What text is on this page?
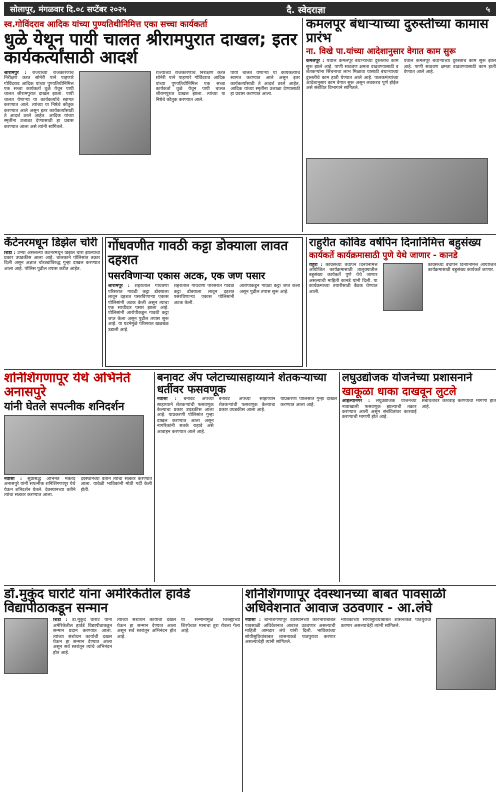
सोलापूर, मंगळवार दि.०८ सप्टेंबर २०२५	दै. स्वेदराज्ञा	५
स्व.गोविंदराव आदिक यांच्या पुण्यतिथीनिमित्त एका सच्चा कार्यकर्ता
धुळे येथून पायी चालत श्रीरामपुरात दाखल; इतर कार्यकर्त्यांसाठी आदर्श

श्रीरामपुर : राज्याच्या राजकारणाचे निरीक्षण करत सोनेरी पाने पाहणारे गोविंदराव आदिक यांच्या पुण्यतिथीनिमित्त एक सच्चा कार्यकर्ता धुळे येथून पायी चालत श्रीरामपुरात दाखल झाला. पायी चालत येणाऱ्या या कार्यकर्त्याचे स्वागत करण्यात आले. त्यांच्या या निष्ठेचे कौतुक करण्यात आले असून इतर कार्यकर्त्यांसाठी ते आदर्श ठरले आहेत. आदिक यांच्या स्मृतींना उजाळा देण्यासाठी हा प्रवास करण्यात आला असे त्यांनी सांगितले.

राज्याच्या राजकारणाचे निरीक्षण करत सोनेरी पाने पाहणारे गोविंदराव आदिक यांच्या पुण्यतिथीनिमित्त एक सच्चा कार्यकर्ता धुळे येथून पायी चालत श्रीरामपुरात दाखल झाला. त्यांच्या या निष्ठेचे कौतुक करण्यात आले.

पायी चालत येणाऱ्या या कार्यकर्त्याचे स्वागत करण्यात आले असून इतर कार्यकर्त्यांसाठी ते आदर्श ठरले आहेत. आदिक यांच्या स्मृतींना उजाळा देण्यासाठी हा प्रवास करण्यात आला.

कमलपूर बंधाऱ्याच्या दुरुस्तीच्या कामास प्रारंभ
ना. विखे पा.यांच्या आदेशानुसार वेगात काम सुरू

कमलपूर : येथील कमलपूर बंधाऱ्याच्या दुरुस्तीचे काम सुरू झाले आहे. पाणी साठवण क्षमता वाढवण्यासाठी व शेतकऱ्यांना सिंचनाचा लाभ मिळावा यासाठी बंधाऱ्याच्या दुरुस्तीचे काम हाती घेण्यात आले आहे. पालकमंत्र्यांच्या आदेशानुसार काम वेगात सुरू असून लवकरच पूर्ण होईल असे संबंधित विभागाने सांगितले.

येथील कमलपूर बंधाऱ्याच्या दुरुस्तीचे काम सुरू झाले आहे. पाणी साठवण क्षमता वाढवण्यासाठी काम हाती घेण्यात आले आहे.

कँटेनरमधून डिझेल चोरी

शिर्डी : उभ्या असलेल्या कँटेनरमधून डिझेल चोरी झाल्याचा प्रकार उघडकीस आला आहे. चालकाने पोलिसांत तक्रार दिली असून अज्ञात चोरट्यांविरुद्ध गुन्हा दाखल करण्यात आला आहे. पोलिस पुढील तपास करीत आहेत.

गोंधवणीत गावठी कट्टा डोक्याला लावत दहशत
पसरविणाऱ्या एकास अटक, एक जण पसार

श्रीरामपूर : शहरातील गोंधवणी परिसरात गावठी कट्टा डोक्याला लावून दहशत पसरविणाऱ्या एकास पोलिसांनी अटक केली असून त्याचा एक साथीदार पसार झाला आहे. पोलिसांनी आरोपीकडून गावठी कट्टा जप्त केला असून पुढील तपास सुरू आहे. या घटनेमुळे परिसरात खळबळ उडाली आहे.

शहरातील गोंधवणी परिसरात गावठी कट्टा डोक्याला लावून दहशत पसरविणाऱ्या एकास पोलिसांनी अटक केली.

आरोपीकडून गावठी कट्टा जप्त केला असून पुढील तपास सुरू आहे.

राहुरीत कोविड वर्षपिन दिनानिमित्त बहुसंख्य
कार्यकर्ते कार्यक्रमासाठी पुणे येथे जाणार - कानडे

राहुरी : काँग्रेसच्या वर्धापन दिनानिमित्त आयोजित कार्यक्रमासाठी तालुक्यातील बहुसंख्य कार्यकर्ते पुणे येथे जाणार असल्याची माहिती कानडे यांनी दिली. या कार्यक्रमाच्या तयारीसाठी बैठक घेण्यात आली.

काँग्रेसच्या वर्धापन दिनानिमित्त आयोजित कार्यक्रमासाठी बहुसंख्य कार्यकर्ते जाणार.

शनिशिंगणापूर येथे अभिनेते अनासपुरे
यांनी घेतले सपत्नीक शनिदर्शन

नेवासा : सुप्रसिद्ध अभिनेते मकरंद अनासपुरे यांनी सपत्नीक शनिशिंगणापूर येथे येऊन शनिदर्शन घेतले. देवस्थानच्या वतीने त्यांचा सत्कार करण्यात आला.

देवस्थानच्या वतीने त्यांचा सत्कार करण्यात आला. यावेळी भाविकांनी मोठी गर्दी केली होती.

बनावट ॲप प्लेटाच्यासहाय्याने शेतकऱ्याच्या धर्तीवर फसवणूक

नेवासा : बनावट ॲपच्या साहाय्याने शेतकऱ्यांची फसवणूक केल्याचा प्रकार उघडकीस आला आहे. याप्रकरणी पोलिसांत गुन्हा दाखल करण्यात आला असून नागरिकांनी सतर्क राहावे असे आवाहन करण्यात आले आहे.

बनावट ॲपच्या साहाय्याने शेतकऱ्यांची फसवणूक केल्याचा प्रकार उघडकीस आला आहे.

याप्रकरणी पोलिसांत गुन्हा दाखल करण्यात आला आहे.

लघुउद्योजक योजनेच्या प्रशासनाने
खाकूळा धाका दाखवून लुटले

अहिल्यानगर : लघुउद्योजक योजनेच्या नावाखाली फसवणूक झाल्याची तक्रार करण्यात आली असून संबंधितांवर कारवाई करण्याची मागणी होत आहे.

संबंधितांवर कारवाई करण्याची मागणी होत आहे.

डॉ.मुकुंद घारोटे यांना अमेरिकेतील हार्वर्ड विद्यापीठाकडून सन्मान

शिर्डी : डॉ.मुकुंद घारोटे यांना अमेरिकेतील हार्वर्ड विद्यापीठाकडून सन्मान प्रदान करण्यात आला. त्यांच्या संशोधन कार्याची दखल घेऊन हा सन्मान देण्यात आला असून सर्व स्तरांतून त्यांचे अभिनंदन होत आहे.

त्यांच्या संशोधन कार्याची दखल घेऊन हा सन्मान देण्यात आला असून सर्व स्तरांतून अभिनंदन होत आहे.

या सन्मानामुळे जिल्ह्याच्या शिरपेचात मानाचा तुरा रोवला गेला आहे.

शनिशिंगणापूर देवस्थानच्या बाबत पावसाळी अधिवेशनात आवाज उठवणार - आ.लंघे

नेवासा : शनिशिंगणापूर देवस्थानच्या कारभाराबाबत पावसाळी अधिवेशनात आवाज उठवणार असल्याची माहिती आमदार लंघे यांनी दिली. भाविकांच्या सोयीसुविधांबाबत शासनाकडे पाठपुरावा करणार असल्याचेही त्यांनी सांगितले.

भाविकांच्या सोयीसुविधांबाबत शासनाकडे पाठपुरावा करणार असल्याचेही त्यांनी सांगितले.
